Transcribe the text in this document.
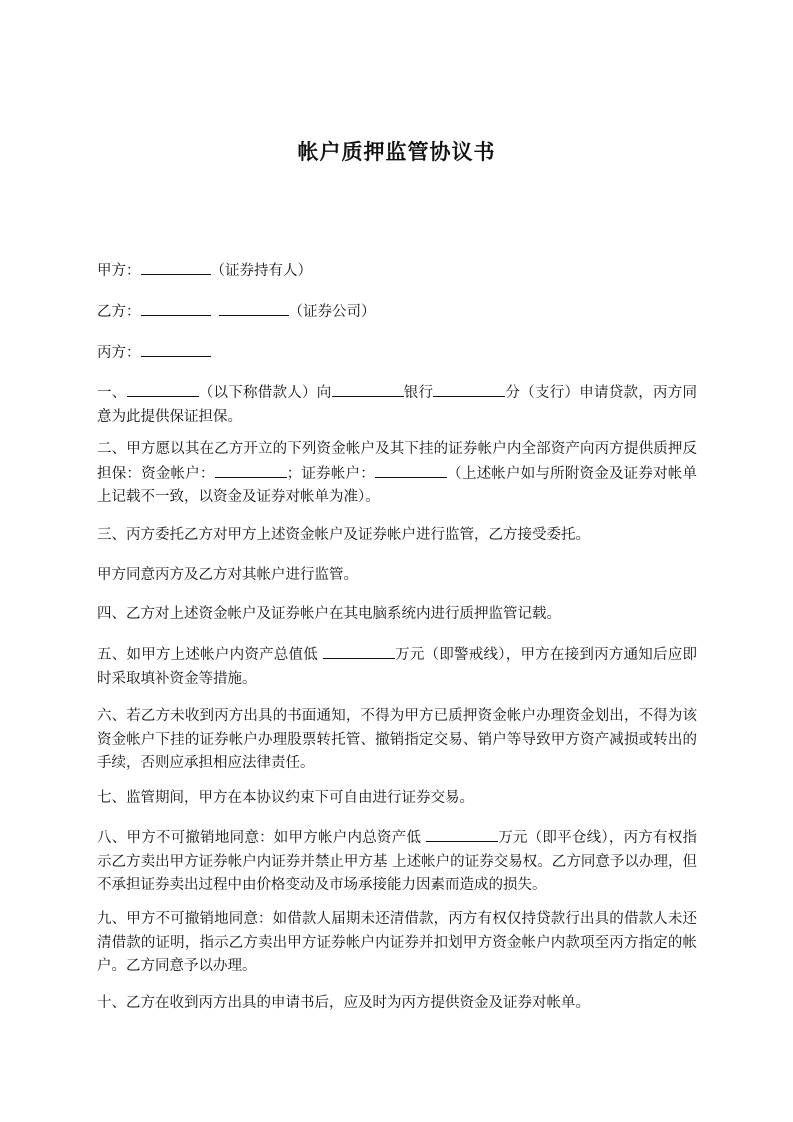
帐户质押监管协议书
甲方：	（证券持有人）
乙方：	（证券公司）
丙方：
一、	（以下称借款人）向	银行	分（支行）申请贷款，丙方同意为此提供保证担保。
二、甲方愿以其在乙方开立的下列资金帐户及其下挂的证券帐户内全部资产向丙方提供质押反担保：资金帐户：	；证券帐户：	（上述帐户如与所附资金及证券对帐单上记载不一致，以资金及证券对帐单为准）。
三、丙方委托乙方对甲方上述资金帐户及证券帐户进行监管，乙方接受委托。
甲方同意丙方及乙方对其帐户进行监管。
四、乙方对上述资金帐户及证券帐户在其电脑系统内进行质押监管记载。
五、如甲方上述帐户内资产总值低	万元（即警戒线），甲方在接到丙方通知后应即时采取填补资金等措施。
六、若乙方未收到丙方出具的书面通知，不得为甲方已质押资金帐户办理资金划出，不得为该资金帐户下挂的证券帐户办理股票转托管、撤销指定交易、销户等导致甲方资产减损或转出的手续，否则应承担相应法律责任。
七、监管期间，甲方在本协议约束下可自由进行证券交易。
八、甲方不可撤销地同意：如甲方帐户内总资产低	万元（即平仓线），丙方有权指示乙方卖出甲方证券帐户内证券并禁止甲方基 上述帐户的证券交易权。乙方同意予以办理，但不承担证券卖出过程中由价格变动及市场承接能力因素而造成的损失。
九、甲方不可撤销地同意：如借款人届期未还清借款，丙方有权仅持贷款行出具的借款人未还清借款的证明，指示乙方卖出甲方证券帐户内证券并扣划甲方资金帐户内款项至丙方指定的帐户。乙方同意予以办理。
十、乙方在收到丙方出具的申请书后，应及时为丙方提供资金及证券对帐单。
